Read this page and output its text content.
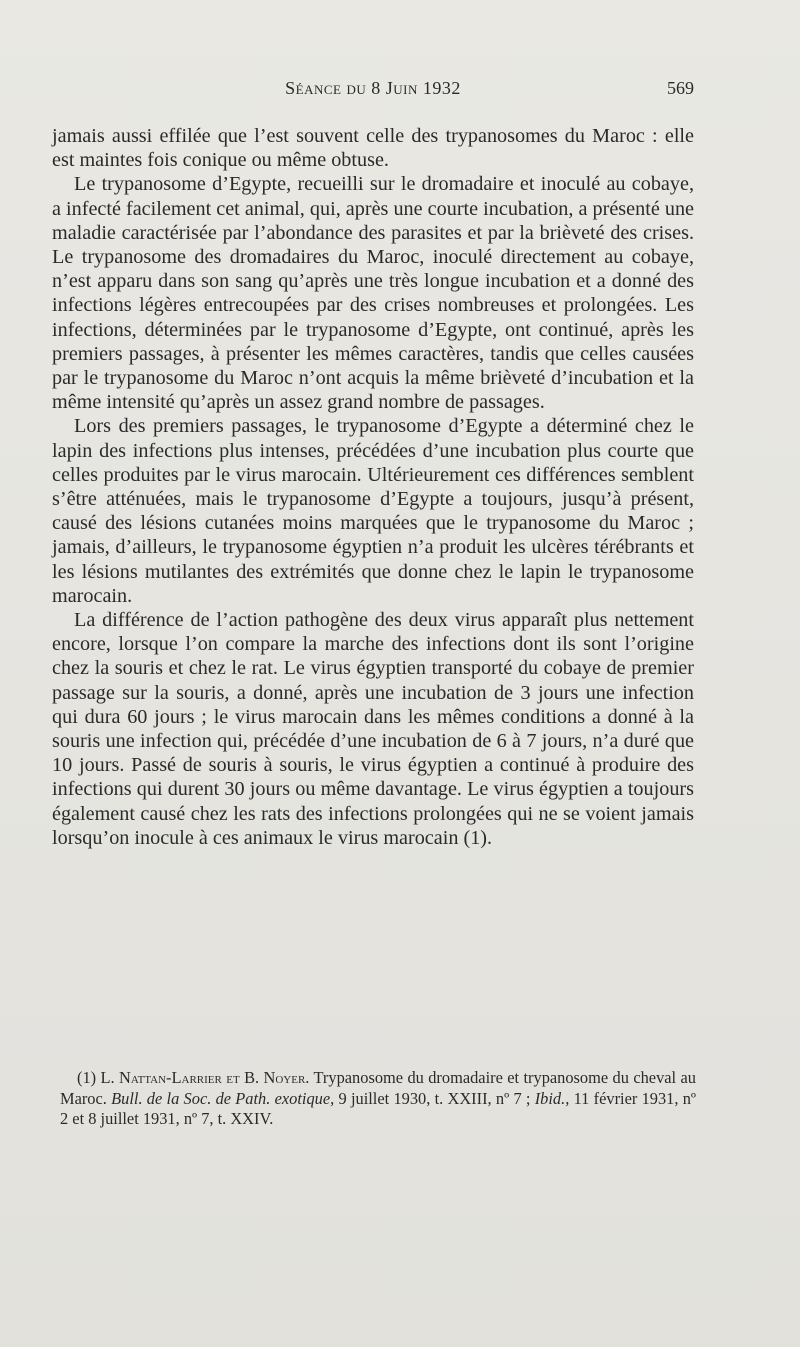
Séance du 8 Juin 1932	569

jamais aussi effilée que l’est souvent celle des trypanosomes du Maroc : elle est maintes fois conique ou même obtuse.

Le trypanosome d’Egypte, recueilli sur le dromadaire et inoculé au cobaye, a infecté facilement cet animal, qui, après une courte incubation, a présenté une maladie caractérisée par l’abondance des parasites et par la brièveté des crises. Le trypanosome des dromadaires du Maroc, inoculé directement au cobaye, n’est apparu dans son sang qu’après une très longue incubation et a donné des infections légères entrecoupées par des crises nombreuses et prolongées. Les infections, déterminées par le trypanosome d’Egypte, ont continué, après les premiers passages, à présenter les mêmes caractères, tandis que celles causées par le trypanosome du Maroc n’ont acquis la même brièveté d’incubation et la même intensité qu’après un assez grand nombre de passages.

Lors des premiers passages, le trypanosome d’Egypte a déterminé chez le lapin des infections plus intenses, précédées d’une incubation plus courte que celles produites par le virus marocain. Ultérieurement ces différences semblent s’être atténuées, mais le trypanosome d’Egypte a toujours, jusqu’à présent, causé des lésions cutanées moins marquées que le trypanosome du Maroc ; jamais, d’ailleurs, le trypanosome égyptien n’a produit les ulcères térébrants et les lésions mutilantes des extrémités que donne chez le lapin le trypanosome marocain.

La différence de l’action pathogène des deux virus apparaît plus nettement encore, lorsque l’on compare la marche des infections dont ils sont l’origine chez la souris et chez le rat. Le virus égyptien transporté du cobaye de premier passage sur la souris, a donné, après une incubation de 3 jours une infection qui dura 60 jours ; le virus marocain dans les mêmes conditions a donné à la souris une infection qui, précédée d’une incubation de 6 à 7 jours, n’a duré que 10 jours. Passé de souris à souris, le virus égyptien a continué à produire des infections qui durent 30 jours ou même davantage. Le virus égyptien a toujours également causé chez les rats des infections prolongées qui ne se voient jamais lorsqu’on inocule à ces animaux le virus marocain (1).

(1) L. Nattan-Larrier et B. Noyer. Trypanosome du dromadaire et trypanosome du cheval au Maroc. Bull. de la Soc. de Path. exotique, 9 juillet 1930, t. XXIII, nº 7 ; Ibid., 11 février 1931, nº 2 et 8 juillet 1931, nº 7, t. XXIV.
